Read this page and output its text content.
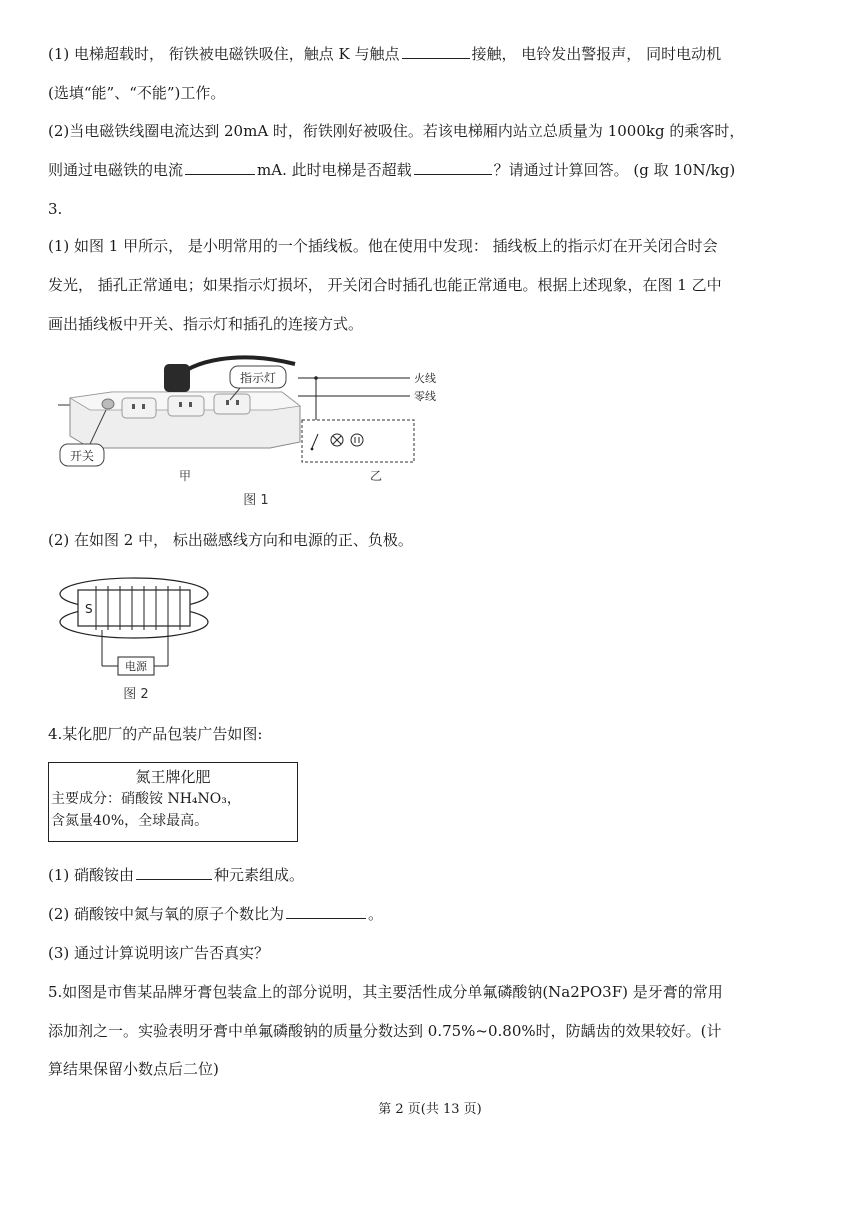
(1) 电梯超载时， 衔铁被电磁铁吸住，触点 K 与触点	接触， 电铃发出警报声， 同时电动机
(选填“能”、“不能”)工作。
(2)当电磁铁线圈电流达到 20mA 时，衔铁刚好被吸住。若该电梯厢内站立总质量为 1000kg 的乘客时，
则通过电磁铁的电流	mA. 此时电梯是否超载	？请通过计算回答。 (g 取 10N/kg)
3.
(1) 如图 1 甲所示， 是小明常用的一个插线板。他在使用中发现： 插线板上的指示灯在开关闭合时会
发光， 插孔正常通电；如果指示灯损坏， 开关闭合时插孔也能正常通电。根据上述现象，在图 1 乙中
画出插线板中开关、指示灯和插孔的连接方式。
指示灯
开关
甲
火线
零线
乙
图 1
(2) 在如图 2 中， 标出磁感线方向和电源的正、负极。
S
电源
图 2
4.某化肥厂的产品包装广告如图:
氮王牌化肥
主要成分：硝酸铵 NH₄NO₃，
含氮量40%，全球最高。
(1) 硝酸铵由	种元素组成。
(2) 硝酸铵中氮与氧的原子个数比为	。
(3) 通过计算说明该广告否真实？
5.如图是市售某品牌牙膏包装盒上的部分说明，其主要活性成分单氟磷酸钠(Na2PO3F) 是牙膏的常用
添加剂之一。实验表明牙膏中单氟磷酸钠的质量分数达到 0.75%~0.80%时，防龋齿的效果较好。(计
算结果保留小数点后二位)
第 2 页(共 13 页)
